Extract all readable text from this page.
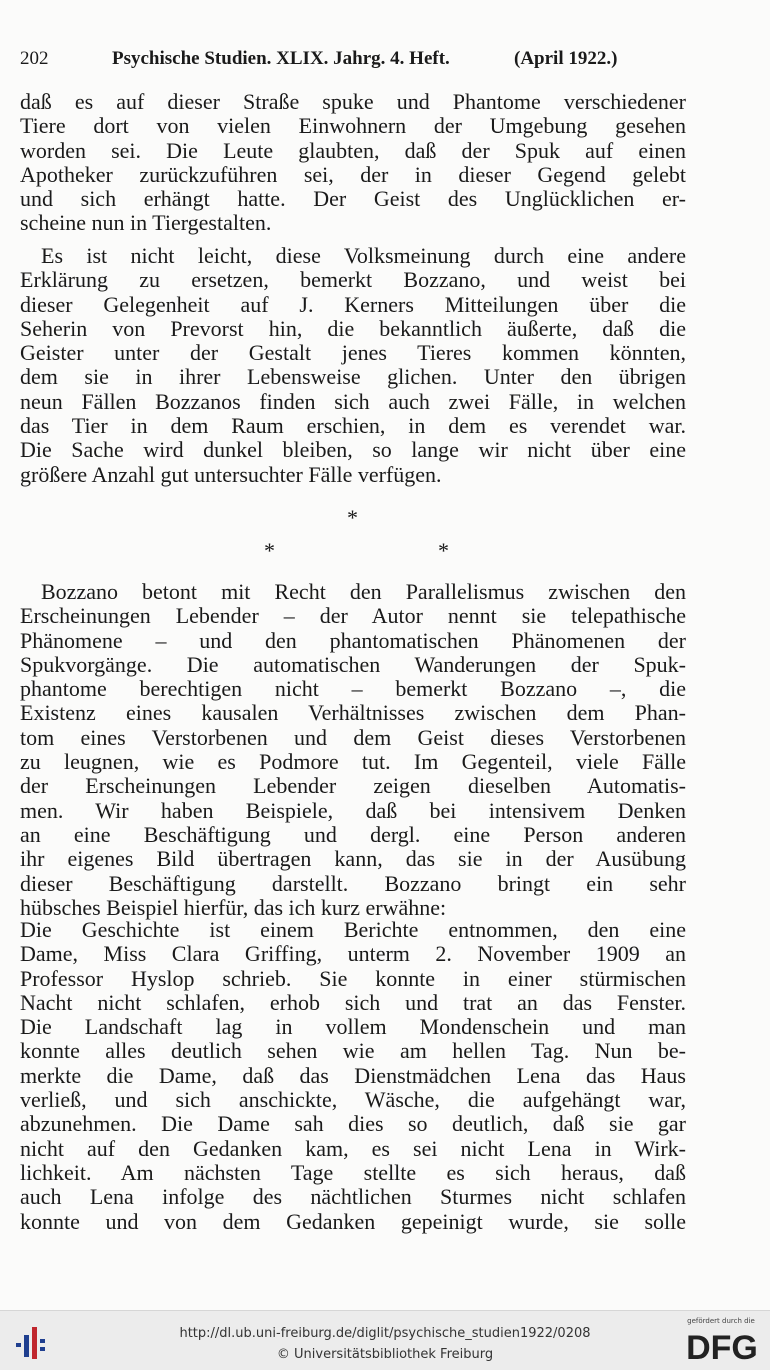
202	Psychische Studien. XLIX. Jahrg. 4. Heft.	(April 1922.)
daß es auf dieser Straße spuke und Phantome verschiedener
Tiere dort von vielen Einwohnern der Umgebung gesehen
worden sei. Die Leute glaubten, daß der Spuk auf einen
Apotheker zurückzuführen sei, der in dieser Gegend gelebt
und sich erhängt hatte. Der Geist des Unglücklichen er-
scheine nun in Tiergestalten.
Es ist nicht leicht, diese Volksmeinung durch eine andere
Erklärung zu ersetzen, bemerkt Bozzano, und weist bei
dieser Gelegenheit auf J. Kerners Mitteilungen über die
Seherin von Prevorst hin, die bekanntlich äußerte, daß die
Geister unter der Gestalt jenes Tieres kommen könnten,
dem sie in ihrer Lebensweise glichen. Unter den übrigen
neun Fällen Bozzanos finden sich auch zwei Fälle, in welchen
das Tier in dem Raum erschien, in dem es verendet war.
Die Sache wird dunkel bleiben, so lange wir nicht über eine
größere Anzahl gut untersuchter Fälle verfügen.
*
*	*
Bozzano betont mit Recht den Parallelismus zwischen den
Erscheinungen Lebender – der Autor nennt sie telepathische
Phänomene – und den phantomatischen Phänomenen der
Spukvorgänge. Die automatischen Wanderungen der Spuk-
phantome berechtigen nicht – bemerkt Bozzano –, die
Existenz eines kausalen Verhältnisses zwischen dem Phan-
tom eines Verstorbenen und dem Geist dieses Verstorbenen
zu leugnen, wie es Podmore tut. Im Gegenteil, viele Fälle
der Erscheinungen Lebender zeigen dieselben Automatis-
men. Wir haben Beispiele, daß bei intensivem Denken
an eine Beschäftigung und dergl. eine Person anderen
ihr eigenes Bild übertragen kann, das sie in der Ausübung
dieser Beschäftigung darstellt. Bozzano bringt ein sehr
hübsches Beispiel hierfür, das ich kurz erwähne:
Die Geschichte ist einem Berichte entnommen, den eine
Dame, Miss Clara Griffing, unterm 2. November 1909 an
Professor Hyslop schrieb. Sie konnte in einer stürmischen
Nacht nicht schlafen, erhob sich und trat an das Fenster.
Die Landschaft lag in vollem Mondenschein und man
konnte alles deutlich sehen wie am hellen Tag. Nun be-
merkte die Dame, daß das Dienstmädchen Lena das Haus
verließ, und sich anschickte, Wäsche, die aufgehängt war,
abzunehmen. Die Dame sah dies so deutlich, daß sie gar
nicht auf den Gedanken kam, es sei nicht Lena in Wirk-
lichkeit. Am nächsten Tage stellte es sich heraus, daß
auch Lena infolge des nächtlichen Sturmes nicht schlafen
konnte und von dem Gedanken gepeinigt wurde, sie solle
http://dl.ub.uni-freiburg.de/diglit/psychische_studien1922/0208
© Universitätsbibliothek Freiburg
gefördert durch die
DFG
